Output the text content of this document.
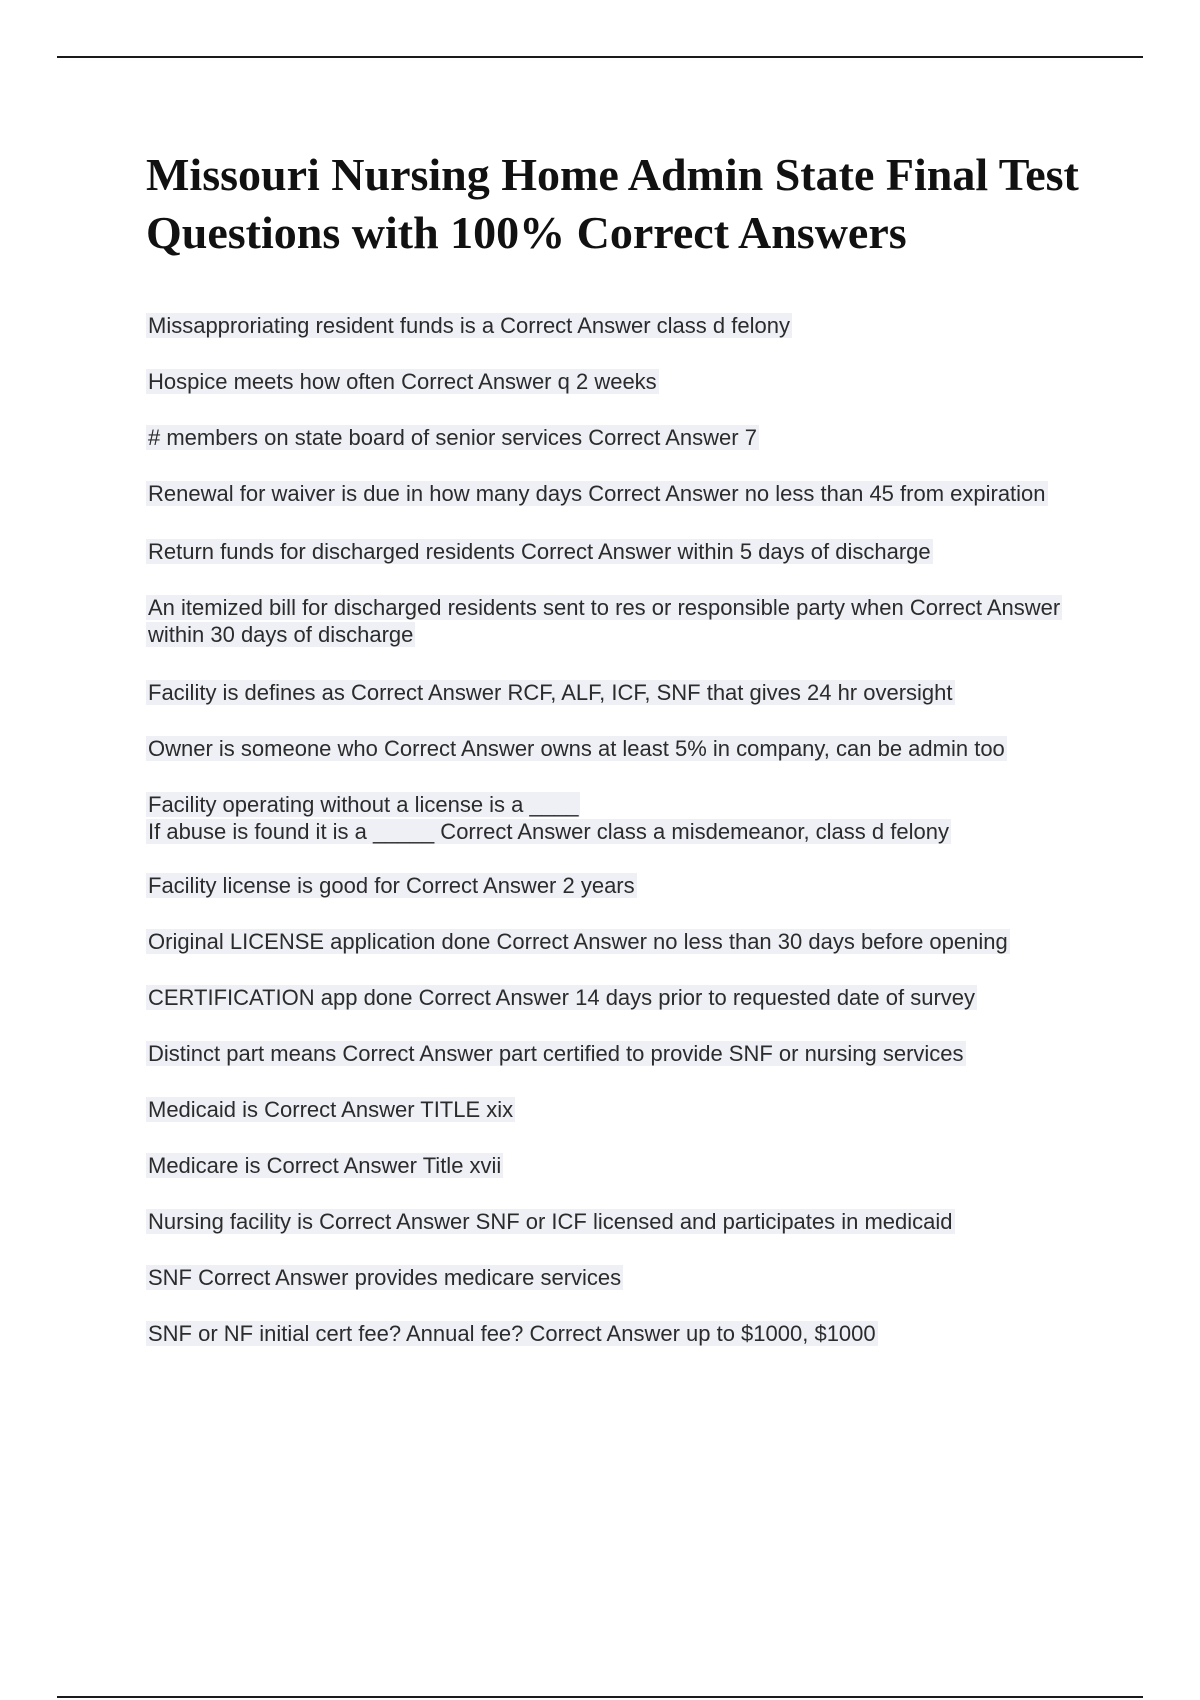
Missouri Nursing Home Admin State Final Test Questions with 100% Correct Answers
Missapproriating resident funds is a Correct Answer class d felony
Hospice meets how often Correct Answer q 2 weeks
# members on state board of senior services Correct Answer 7
Renewal for waiver is due in how many days Correct Answer no less than 45 from expiration
Return funds for discharged residents Correct Answer within 5 days of discharge
An itemized bill for discharged residents sent to res or responsible party when Correct Answer within 30 days of discharge
Facility is defines as Correct Answer RCF, ALF, ICF, SNF that gives 24 hr oversight
Owner is someone who Correct Answer owns at least 5% in company, can be admin too
Facility operating without a license is a ____
If abuse is found it is a _____ Correct Answer class a misdemeanor, class d felony
Facility license is good for Correct Answer 2 years
Original LICENSE application done Correct Answer no less than 30 days before opening
CERTIFICATION app done Correct Answer 14 days prior to requested date of survey
Distinct part means Correct Answer part certified to provide SNF or nursing services
Medicaid is Correct Answer TITLE xix
Medicare is Correct Answer Title xvii
Nursing facility is Correct Answer SNF or ICF licensed and participates in medicaid
SNF Correct Answer provides medicare services
SNF or NF initial cert fee? Annual fee? Correct Answer up to $1000, $1000
